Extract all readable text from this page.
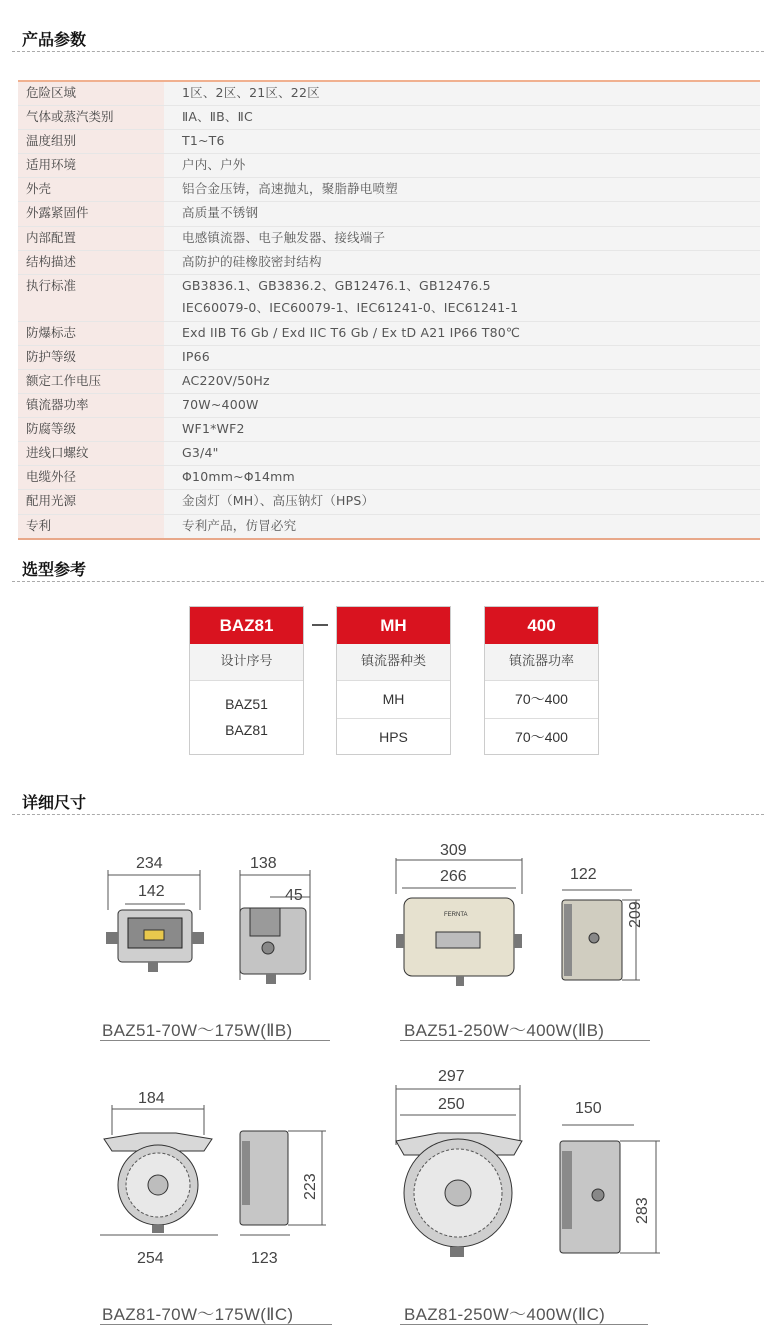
产品参数
危险区域	1区、2区、21区、22区
气体或蒸汽类别	ⅡA、ⅡB、ⅡC
温度组别	T1~T6
适用环境	户内、户外
外壳	铝合金压铸，高速抛丸，聚脂静电喷塑
外露紧固件	高质量不锈钢
内部配置	电感镇流器、电子触发器、接线端子
结构描述	高防护的硅橡胶密封结构
执行标准	GB3836.1、GB3836.2、GB12476.1、GB12476.5
IEC60079-0、IEC60079-1、IEC61241-0、IEC61241-1
防爆标志	Exd IIB T6 Gb / Exd IIC T6 Gb / Ex tD A21 IP66 T80℃
防护等级	IP66
额定工作电压	AC220V/50Hz
镇流器功率	70W~400W
防腐等级	WF1*WF2
进线口螺纹	G3/4"
电缆外径	Φ10mm~Φ14mm
配用光源	金卤灯（MH）、高压钠灯（HPS）
专利	专利产品，仿冒必究
选型参考
BAZ81
设计序号
BAZ51
BAZ81
MH
镇流器种类
MH
HPS
400
镇流器功率
70～400
70～400
详细尺寸
234
142
138
45
BAZ51-70W～175W(ⅡB)
309
266	122
209
FERNTA
BAZ51-250W～400W(ⅡB)
184
254	123
223
BAZ81-70W～175W(ⅡC)
297
250	150
283
BAZ81-250W～400W(ⅡC)
